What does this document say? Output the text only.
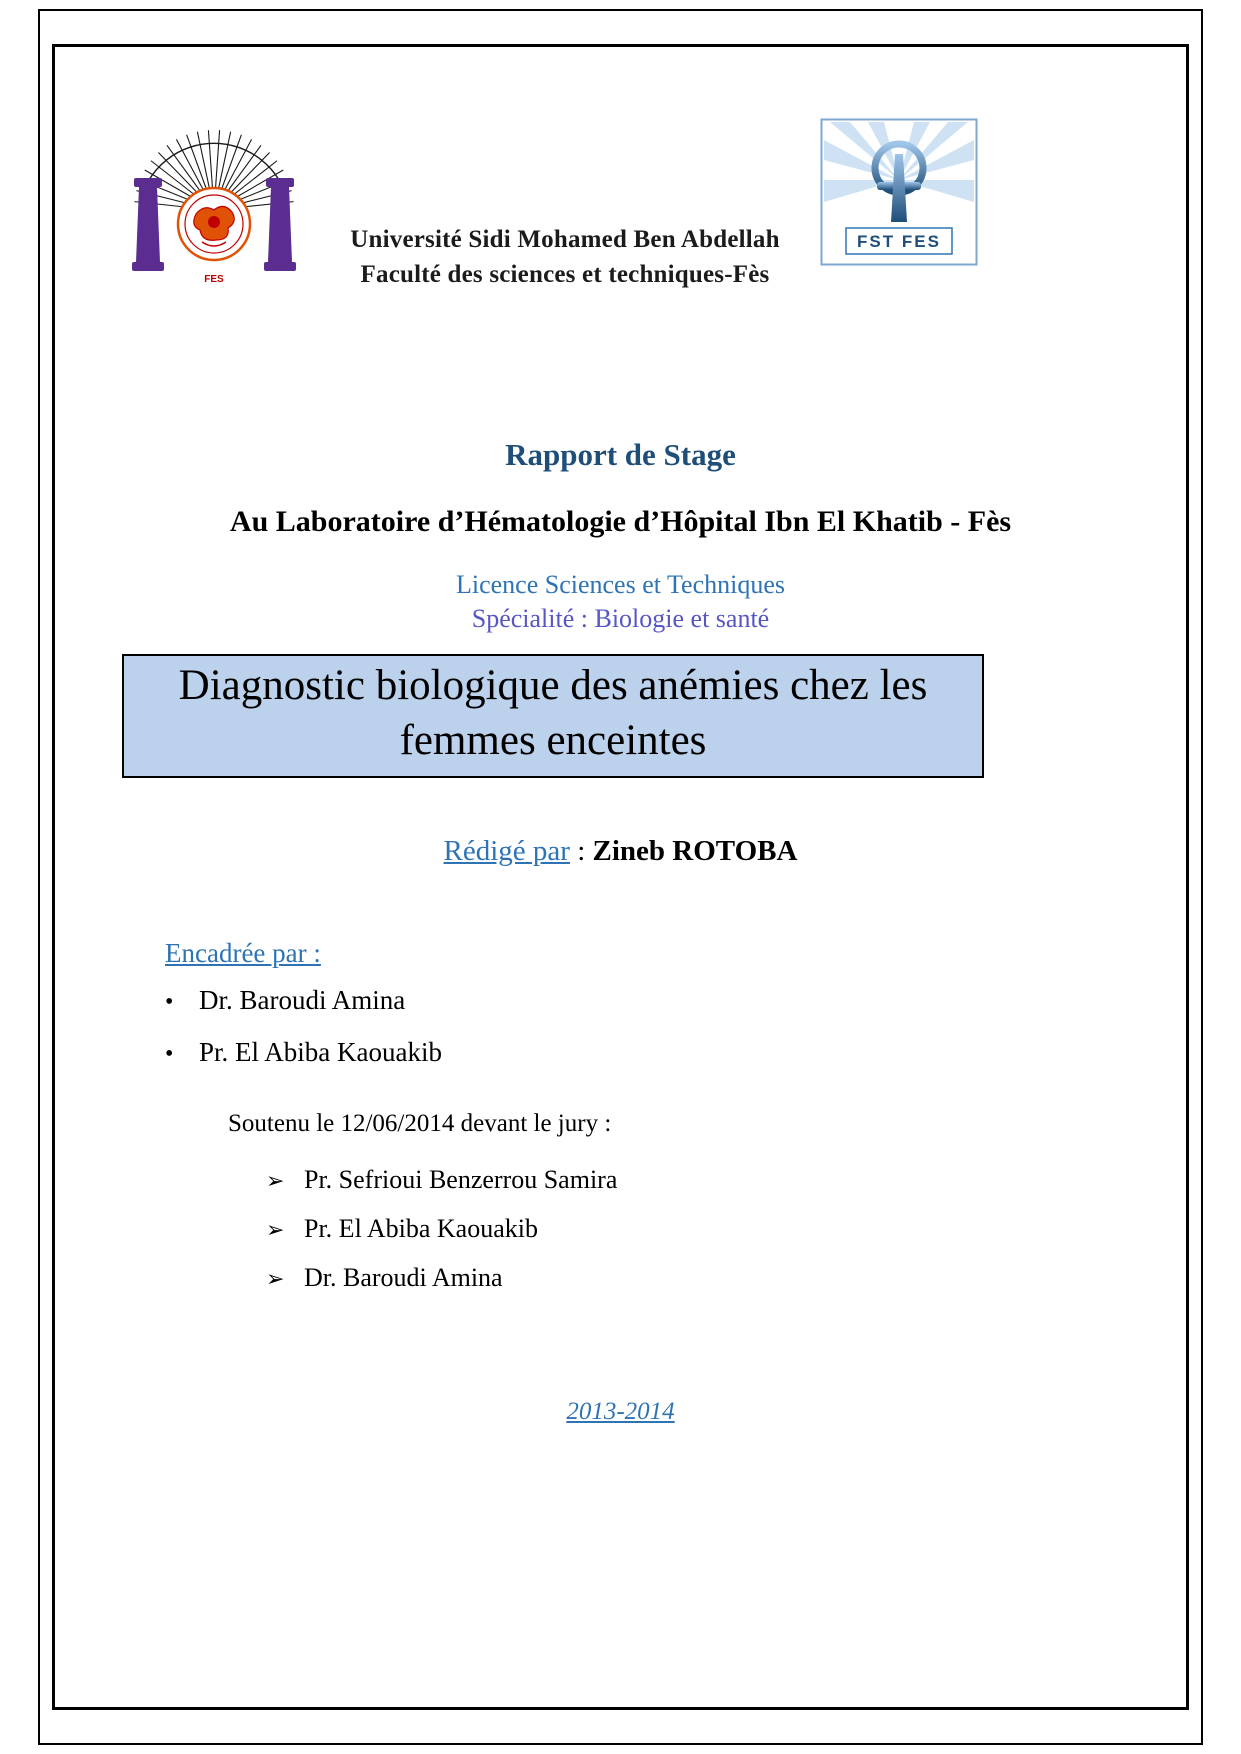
FES
Université Sidi Mohamed Ben Abdellah
Faculté des sciences et techniques-Fès
FST FES
Rapport de Stage
Au Laboratoire d’Hématologie d’Hôpital Ibn El Khatib - Fès
Licence Sciences et Techniques
Spécialité : Biologie et santé
Diagnostic biologique des anémies chez les femmes enceintes
Rédigé par : Zineb ROTOBA
Encadrée par :
• Dr. Baroudi Amina
• Pr. El Abiba Kaouakib
Soutenu le 12/06/2014 devant le jury :
➢ Pr. Sefrioui Benzerrou Samira
➢ Pr. El Abiba Kaouakib
➢ Dr. Baroudi Amina
2013-2014
